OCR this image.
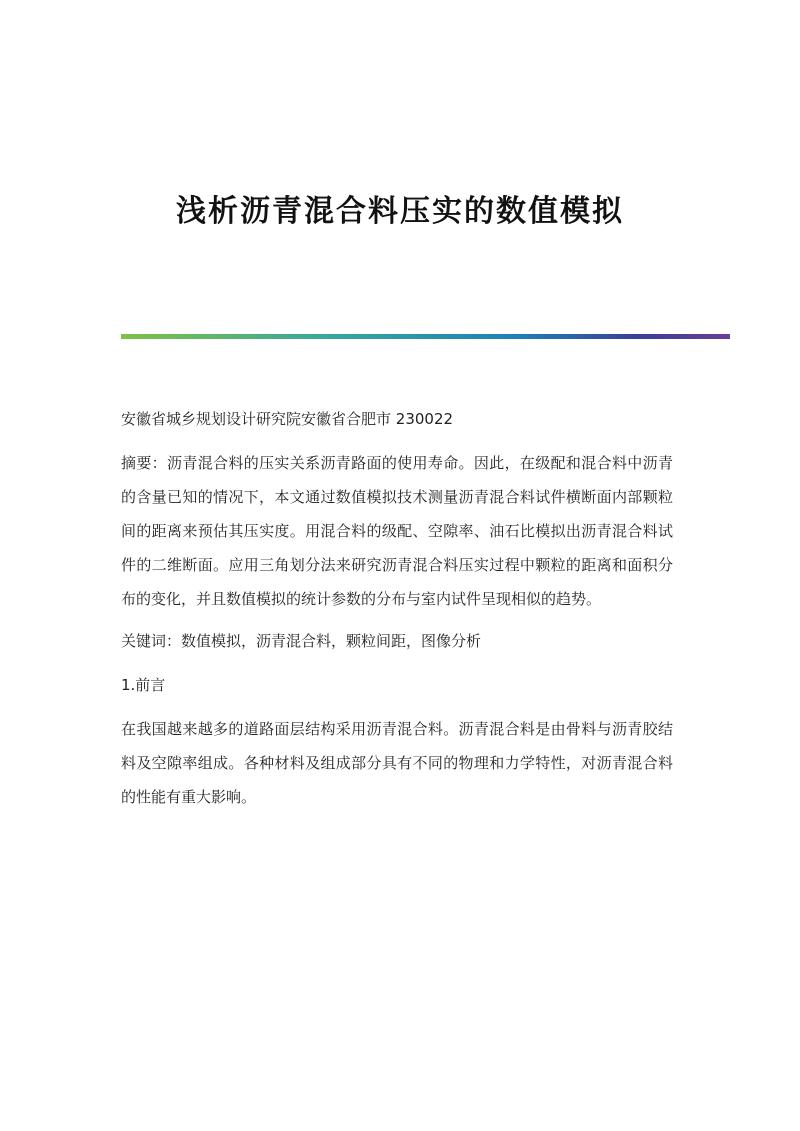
浅析沥青混合料压实的数值模拟

安徽省城乡规划设计研究院安徽省合肥市 230022

摘要：沥青混合料的压实关系沥青路面的使用寿命。因此，在级配和混合料中沥青的含量已知的情况下，本文通过数值模拟技术测量沥青混合料试件横断面内部颗粒间的距离来预估其压实度。用混合料的级配、空隙率、油石比模拟出沥青混合料试件的二维断面。应用三角划分法来研究沥青混合料压实过程中颗粒的距离和面积分布的变化，并且数值模拟的统计参数的分布与室内试件呈现相似的趋势。

关键词：数值模拟，沥青混合料，颗粒间距，图像分析

1.前言

在我国越来越多的道路面层结构采用沥青混合料。沥青混合料是由骨料与沥青胶结料及空隙率组成。各种材料及组成部分具有不同的物理和力学特性，对沥青混合料的性能有重大影响。
